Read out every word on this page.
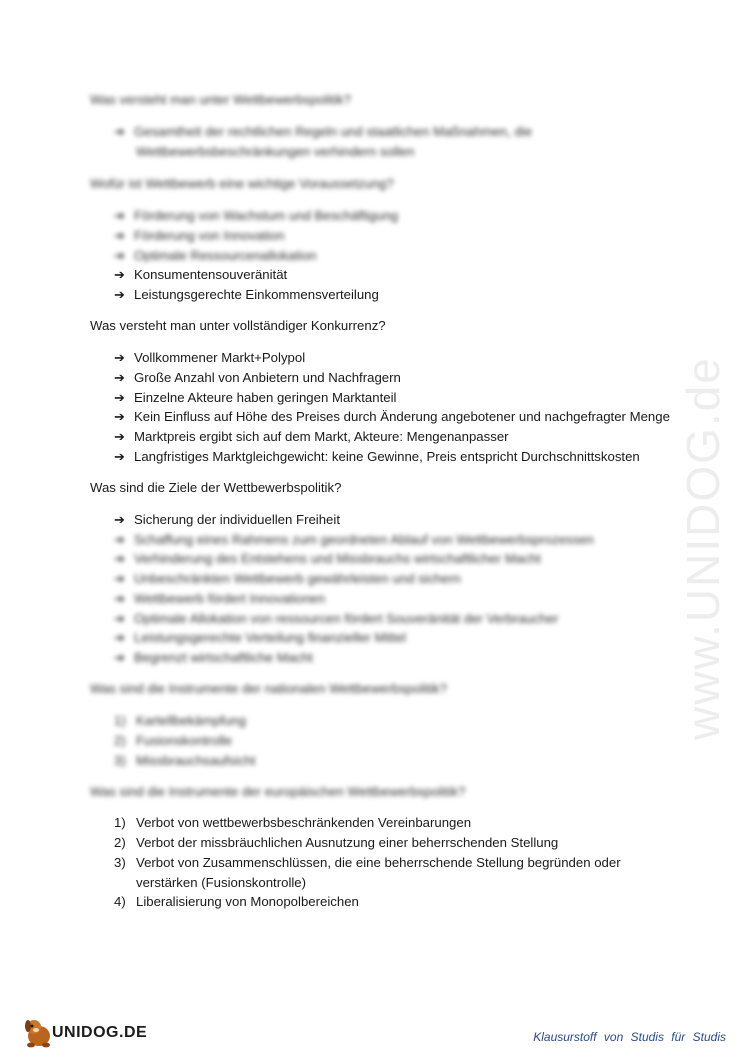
Was versteht man unter Wettbewerbspolitik?
➔ Gesamtheit der rechtlichen Regeln und staatlichen Maßnahmen, die
Wettbewerbsbeschränkungen verhindern sollen
Wofür ist Wettbewerb eine wichtige Voraussetzung?
➔ Förderung von Wachstum und Beschäftigung
➔ Förderung von Innovation
➔ Optimale Ressourcenallokation
➔ Konsumentensouveränität
➔ Leistungsgerechte Einkommensverteilung
Was versteht man unter vollständiger Konkurrenz?
➔ Vollkommener Markt+Polypol
➔ Große Anzahl von Anbietern und Nachfragern
➔ Einzelne Akteure haben geringen Marktanteil
➔ Kein Einfluss auf Höhe des Preises durch Änderung angebotener und nachgefragter Menge
➔ Marktpreis ergibt sich auf dem Markt, Akteure: Mengenanpasser
➔ Langfristiges Marktgleichgewicht: keine Gewinne, Preis entspricht Durchschnittskosten
Was sind die Ziele der Wettbewerbspolitik?
➔ Sicherung der individuellen Freiheit
➔ Schaffung eines Rahmens zum geordneten Ablauf von Wettbewerbsprozessen
➔ Verhinderung des Entstehens und Missbrauchs wirtschaftlicher Macht
➔ Unbeschränkten Wettbewerb gewährleisten und sichern
➔ Wettbewerb fördert Innovationen
➔ Optimale Allokation von ressourcen fördert Souveränität der Verbraucher
➔ Leistungsgerechte Verteilung finanzieller Mittel
➔ Begrenzt wirtschaftliche Macht
Was sind die Instrumente der nationalen Wettbewerbspolitik?
1) Kartellbekämpfung
2) Fusionskontrolle
3) Missbrauchsaufsicht
Was sind die Instrumente der europäischen Wettbewerbspolitik?
1) Verbot von wettbewerbsbeschränkenden Vereinbarungen
2) Verbot der missbräuchlichen Ausnutzung einer beherrschenden Stellung
3) Verbot von Zusammenschlüssen, die eine beherrschende Stellung begründen oder
verstärken (Fusionskontrolle)
4) Liberalisierung von Monopolbereichen
www.UNIDOG.de
UNIDOG.DE	Klausurstoff von Studis für Studis
